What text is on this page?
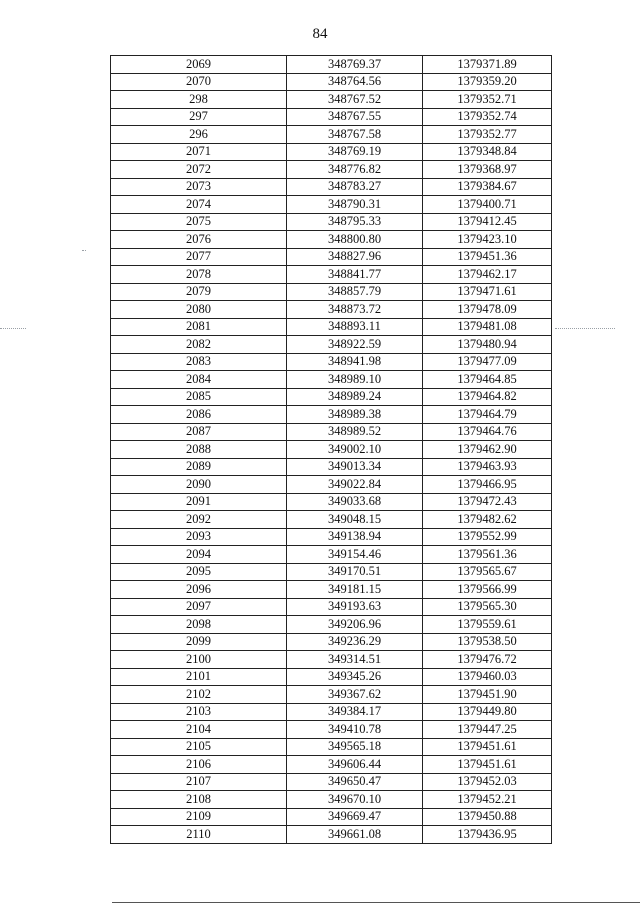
84
2069	348769.37	1379371.89
2070	348764.56	1379359.20
298	348767.52	1379352.71
297	348767.55	1379352.74
296	348767.58	1379352.77
2071	348769.19	1379348.84
2072	348776.82	1379368.97
2073	348783.27	1379384.67
2074	348790.31	1379400.71
2075	348795.33	1379412.45
2076	348800.80	1379423.10
2077	348827.96	1379451.36
2078	348841.77	1379462.17
2079	348857.79	1379471.61
2080	348873.72	1379478.09
2081	348893.11	1379481.08
2082	348922.59	1379480.94
2083	348941.98	1379477.09
2084	348989.10	1379464.85
2085	348989.24	1379464.82
2086	348989.38	1379464.79
2087	348989.52	1379464.76
2088	349002.10	1379462.90
2089	349013.34	1379463.93
2090	349022.84	1379466.95
2091	349033.68	1379472.43
2092	349048.15	1379482.62
2093	349138.94	1379552.99
2094	349154.46	1379561.36
2095	349170.51	1379565.67
2096	349181.15	1379566.99
2097	349193.63	1379565.30
2098	349206.96	1379559.61
2099	349236.29	1379538.50
2100	349314.51	1379476.72
2101	349345.26	1379460.03
2102	349367.62	1379451.90
2103	349384.17	1379449.80
2104	349410.78	1379447.25
2105	349565.18	1379451.61
2106	349606.44	1379451.61
2107	349650.47	1379452.03
2108	349670.10	1379452.21
2109	349669.47	1379450.88
2110	349661.08	1379436.95
